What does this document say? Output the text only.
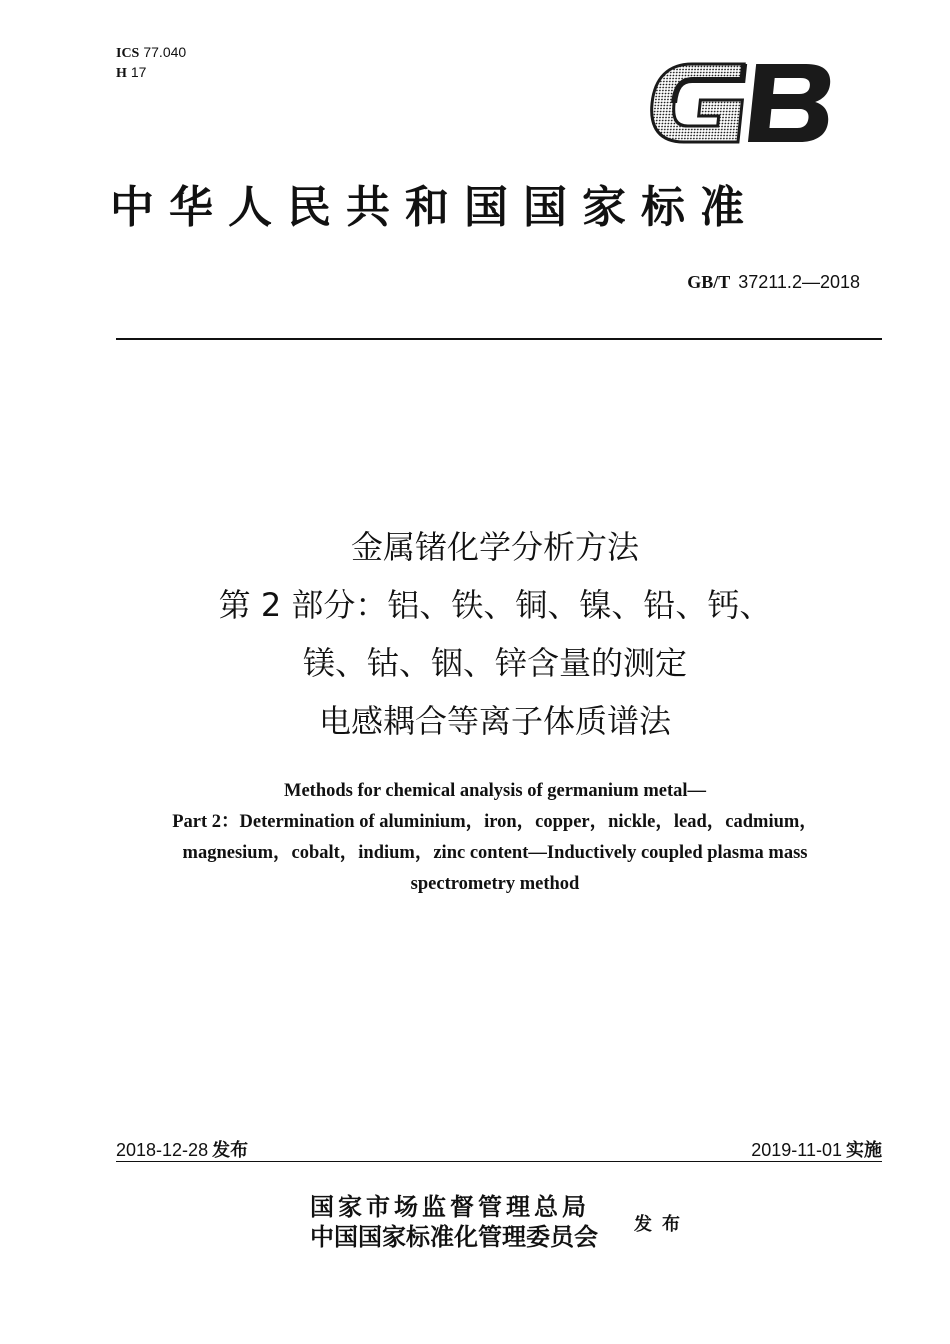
ICS 77.040
H 17
中华人民共和国国家标准
GB/T 37211.2—2018
金属锗化学分析方法
第 2 部分：铝、铁、铜、镍、铅、钙、
镁、钴、铟、锌含量的测定
电感耦合等离子体质谱法
Methods for chemical analysis of germanium metal—
Part 2：Determination of aluminium，iron，copper，nickle，lead，cadmium，
magnesium，cobalt，indium，zinc content—Inductively coupled plasma mass
spectrometry method
2018-12-28 发布	2019-11-01 实施
国家市场监督管理总局
中国国家标准化管理委员会 发布
